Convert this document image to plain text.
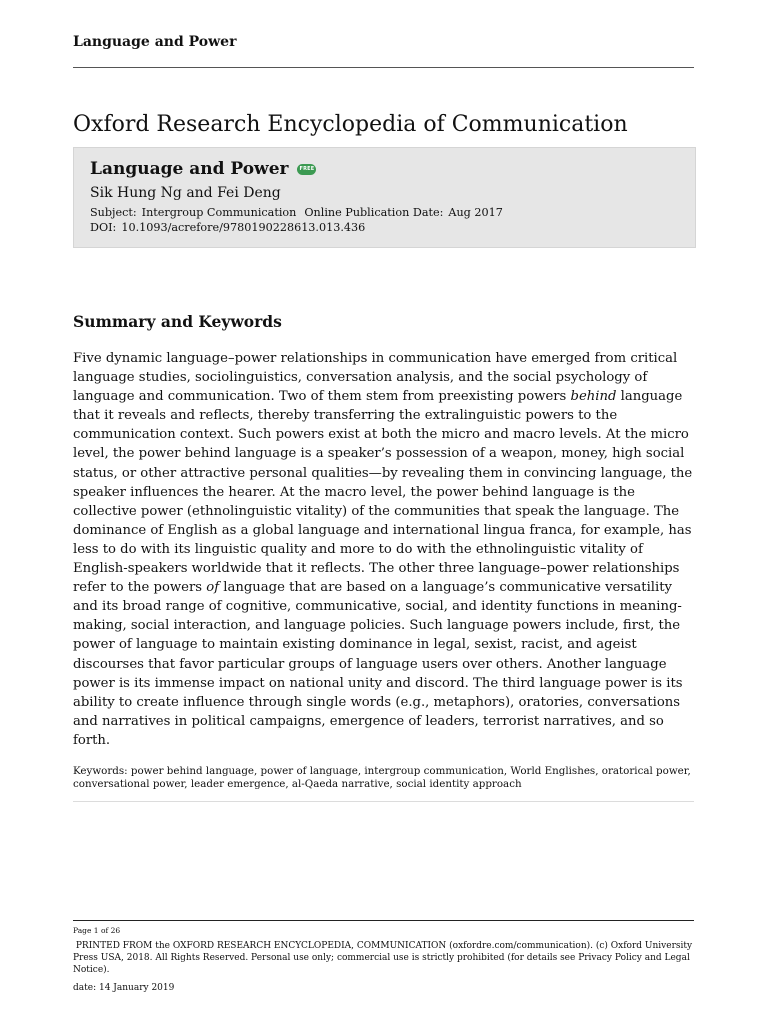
Language and Power
Oxford Research Encyclopedia of Communication
Language and Power	FREE
Sik Hung Ng and Fei Deng
Subject: Intergroup Communication Online Publication Date: Aug 2017
DOI: 10.1093/acrefore/9780190228613.013.436
Summary and Keywords

Five dynamic language–power relationships in communication have emerged from critical language studies, sociolinguistics, conversation analysis, and the social psychology of language and communication. Two of them stem from preexisting powers behind language that it reveals and reflects, thereby transferring the extralinguistic powers to the communication context. Such powers exist at both the micro and macro levels. At the micro level, the power behind language is a speaker’s possession of a weapon, money, high social status, or other attractive personal qualities—by revealing them in convincing language, the speaker influences the hearer. At the macro level, the power behind language is the collective power (ethnolinguistic vitality) of the communities that speak the language. The dominance of English as a global language and international lingua franca, for example, has less to do with its linguistic quality and more to do with the ethnolinguistic vitality of English-speakers worldwide that it reflects. The other three language–power relationships refer to the powers of language that are based on a language’s communicative versatility and its broad range of cognitive, communicative, social, and identity functions in meaning-making, social interaction, and language policies. Such language powers include, first, the power of language to maintain existing dominance in legal, sexist, racist, and ageist discourses that favor particular groups of language users over others. Another language power is its immense impact on national unity and discord. The third language power is its ability to create influence through single words (e.g., metaphors), oratories, conversations and narratives in political campaigns, emergence of leaders, terrorist narratives, and so forth.

Keywords: power behind language, power of language, intergroup communication, World Englishes, oratorical power, conversational power, leader emergence, al-Qaeda narrative, social identity approach

Page 1 of 26

PRINTED FROM the OXFORD RESEARCH ENCYCLOPEDIA, COMMUNICATION (oxfordre.com/communication). (c) Oxford University Press USA, 2018. All Rights Reserved. Personal use only; commercial use is strictly prohibited (for details see Privacy Policy and Legal Notice).

date: 14 January 2019
